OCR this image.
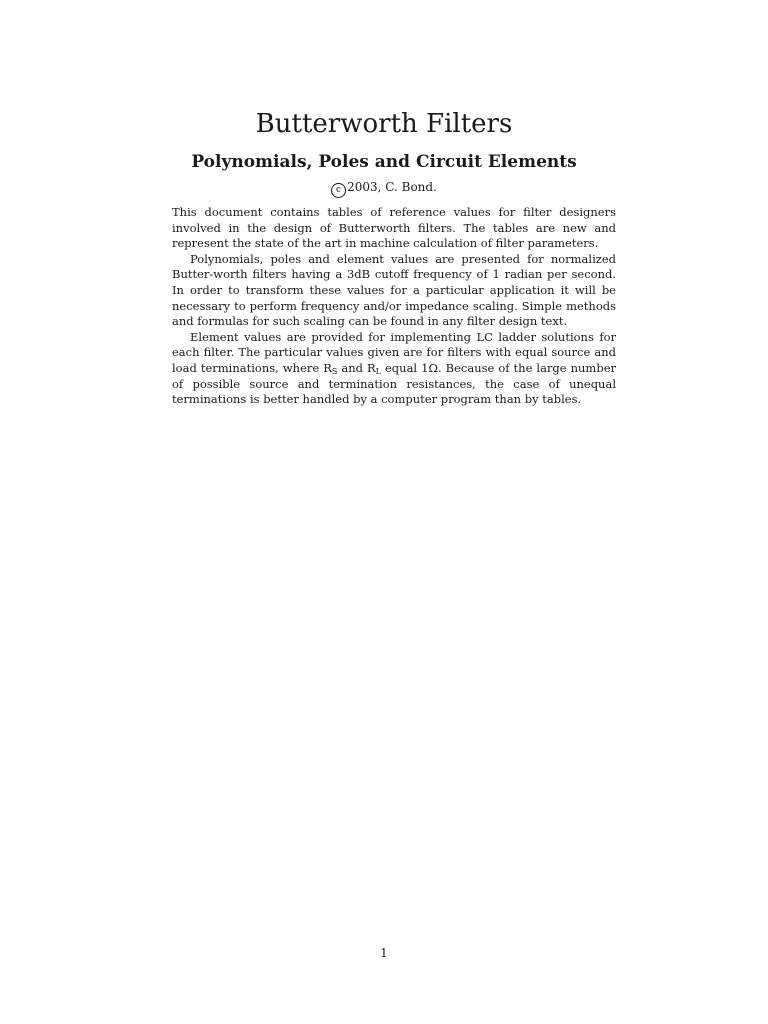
Butterworth Filters
Polynomials, Poles and Circuit Elements
c 2003, C. Bond.

This document contains tables of reference values for filter designers involved in the design of Butterworth filters. The tables are new and represent the state of the art in machine calculation of filter parameters.

Polynomials, poles and element values are presented for normalized Butter-worth filters having a 3dB cutoff frequency of 1 radian per second. In order to transform these values for a particular application it will be necessary to perform frequency and/or impedance scaling. Simple methods and formulas for such scaling can be found in any filter design text.

Element values are provided for implementing LC ladder solutions for each filter. The particular values given are for filters with equal source and load terminations, where $R_S$ and $R_L$ equal 1Ω. Because of the large number of possible source and termination resistances, the case of unequal terminations is better handled by a computer program than by tables.

1
